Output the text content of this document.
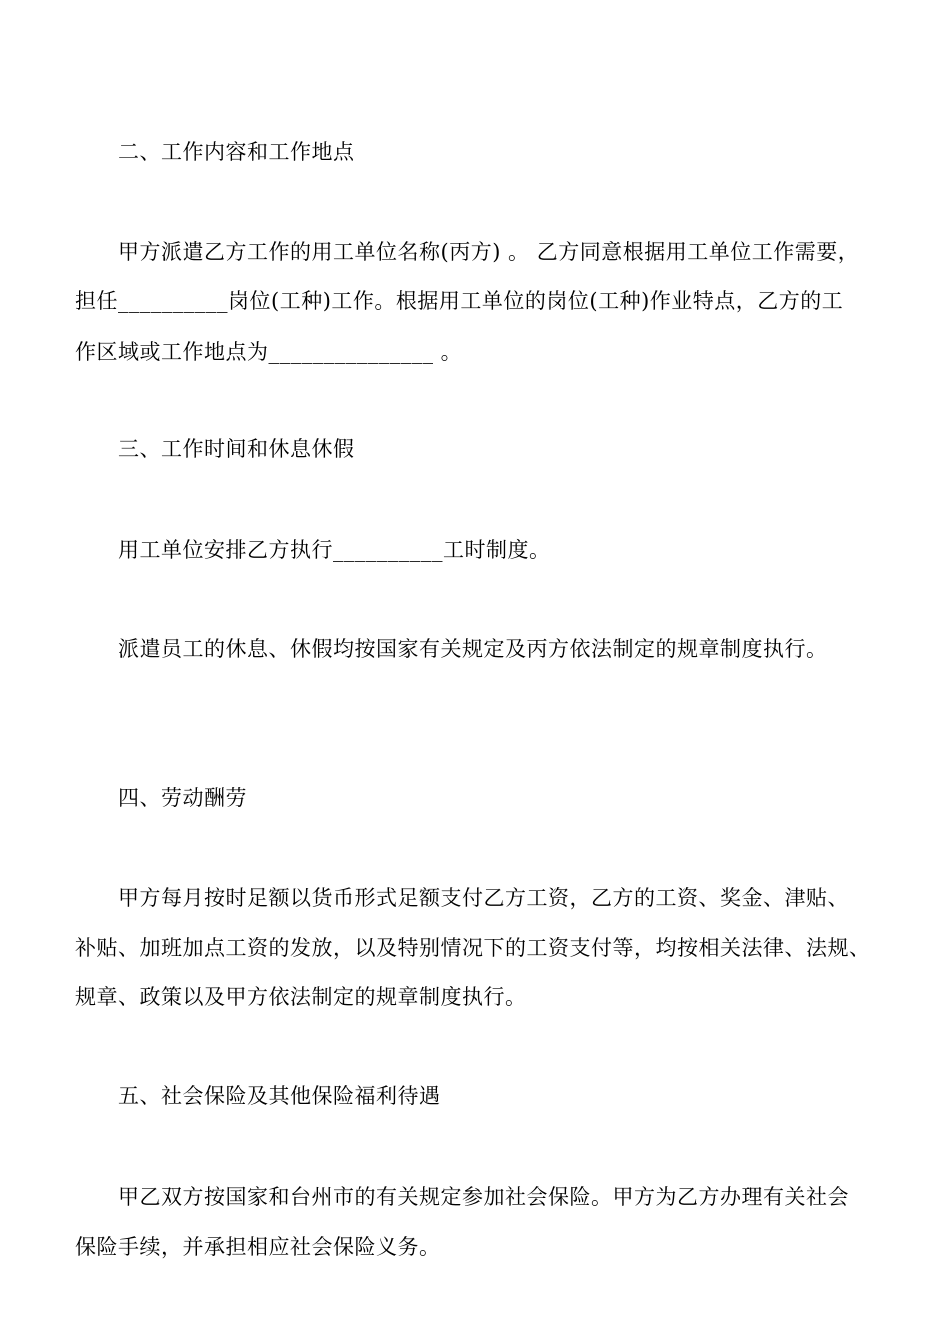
二、工作内容和工作地点
甲方派遣乙方工作的用工单位名称(丙方) 。 乙方同意根据用工单位工作需要，
担任__________岗位(工种)工作。根据用工单位的岗位(工种)作业特点，乙方的工
作区域或工作地点为_______________ 。
三、工作时间和休息休假
用工单位安排乙方执行__________工时制度。
派遣员工的休息、休假均按国家有关规定及丙方依法制定的规章制度执行。
四、劳动酬劳
甲方每月按时足额以货币形式足额支付乙方工资，乙方的工资、奖金、津贴、
补贴、加班加点工资的发放，以及特别情况下的工资支付等，均按相关法律、法规、
规章、政策以及甲方依法制定的规章制度执行。
五、社会保险及其他保险福利待遇
甲乙双方按国家和台州市的有关规定参加社会保险。甲方为乙方办理有关社会
保险手续，并承担相应社会保险义务。
